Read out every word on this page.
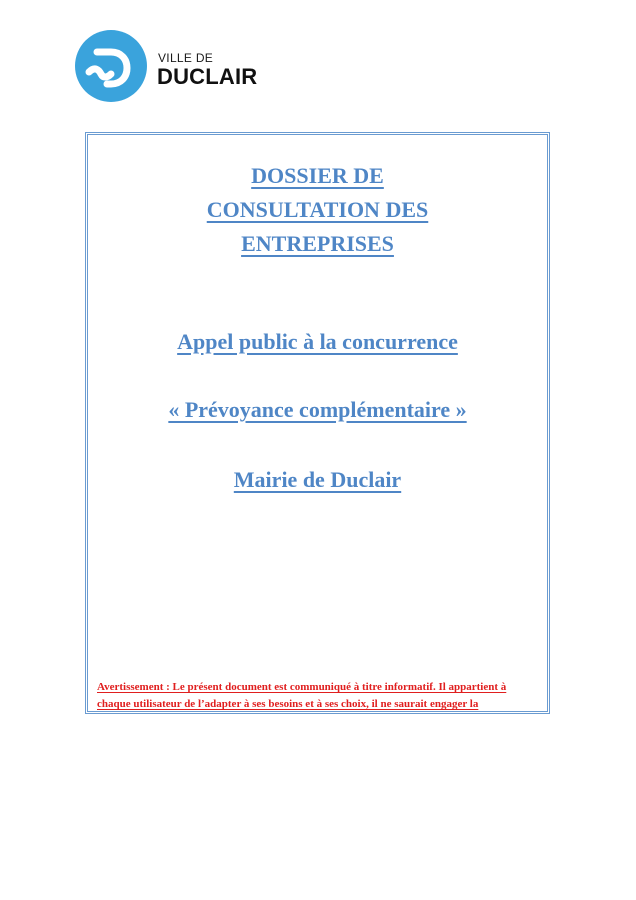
VILLE DE
DUCLAIR
DOSSIER DE
CONSULTATION DES
ENTREPRISES
Appel public à la concurrence
« Prévoyance complémentaire »
Mairie de Duclair
Avertissement : Le présent document est communiqué à titre informatif. Il appartient à
chaque utilisateur de l’adapter à ses besoins et à ses choix, il ne saurait engager la
